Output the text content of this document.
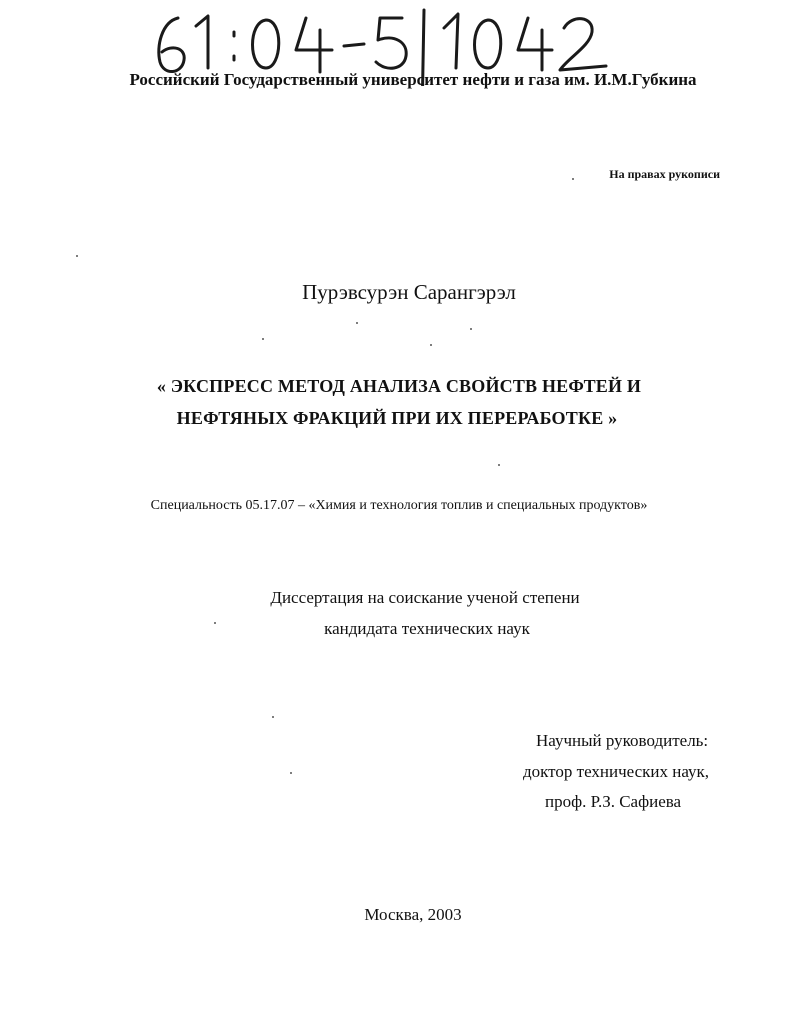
Российский Государственный университет нефти и газа им. И.М.Губкина
На правах рукописи
Пурэвсурэн Сарангэрэл
« ЭКСПРЕСС МЕТОД АНАЛИЗА СВОЙСТВ НЕФТЕЙ И
НЕФТЯНЫХ ФРАКЦИЙ ПРИ ИХ ПЕРЕРАБОТКЕ »
Специальность 05.17.07 – «Химия и технология топлив и специальных продуктов»
Диссертация на соискание ученой степени
кандидата технических наук
Научный руководитель:
доктор технических наук,
проф. Р.З. Сафиева
Москва, 2003
